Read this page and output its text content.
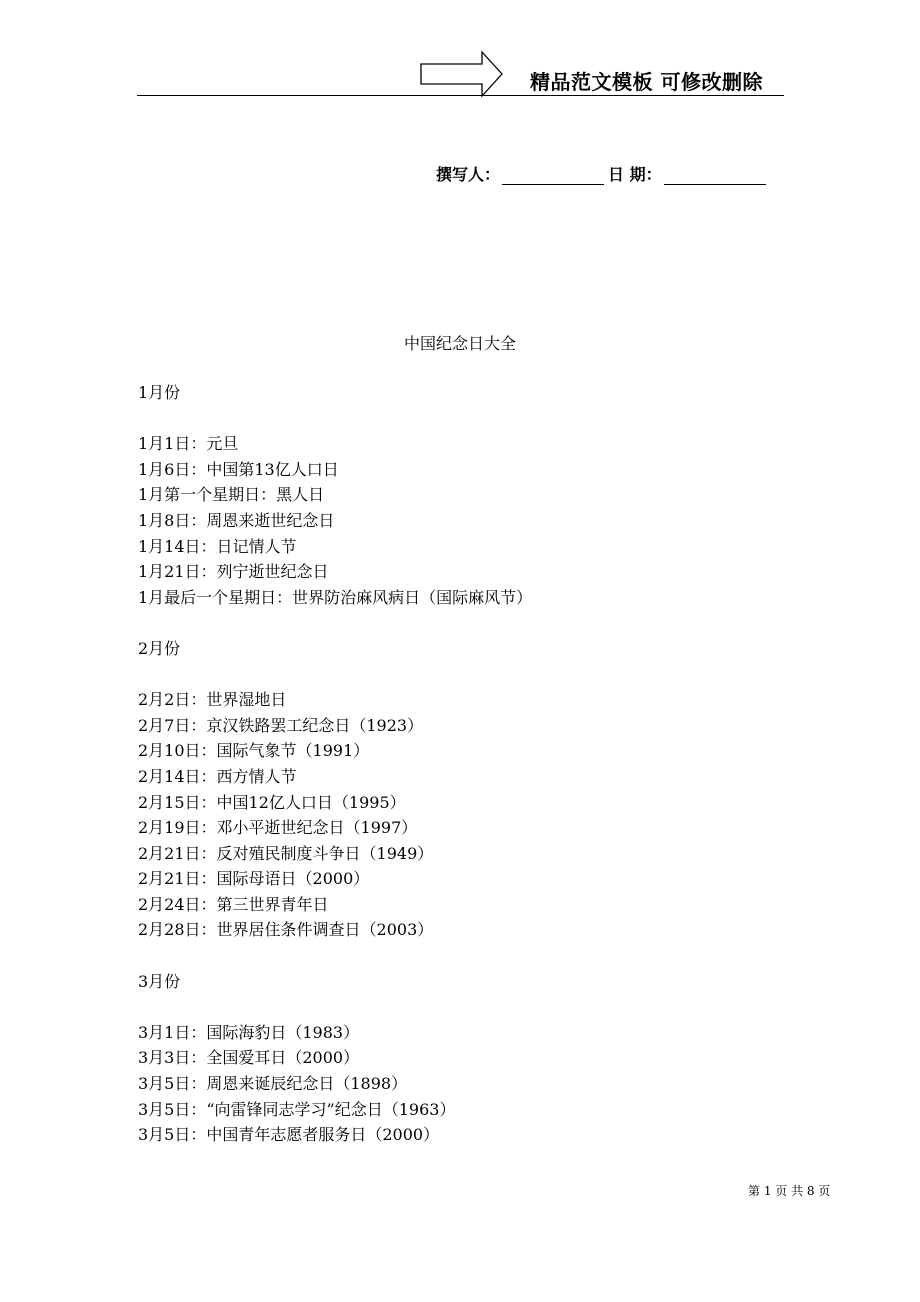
精品范文模板 可修改删除
撰写人：	日 期：
中国纪念日大全
1月份
1月1日：元旦
1月6日：中国第13亿人口日
1月第一个星期日：黑人日
1月8日：周恩来逝世纪念日
1月14日：日记情人节
1月21日：列宁逝世纪念日
1月最后一个星期日：世界防治麻风病日（国际麻风节）
2月份
2月2日：世界湿地日
2月7日：京汉铁路罢工纪念日（1923）
2月10日：国际气象节（1991）
2月14日：西方情人节
2月15日：中国12亿人口日（1995）
2月19日：邓小平逝世纪念日（1997）
2月21日：反对殖民制度斗争日（1949）
2月21日：国际母语日（2000）
2月24日：第三世界青年日
2月28日：世界居住条件调查日（2003）
3月份
3月1日：国际海豹日（1983）
3月3日：全国爱耳日（2000）
3月5日：周恩来诞辰纪念日（1898）
3月5日：“向雷锋同志学习”纪念日（1963）
3月5日：中国青年志愿者服务日（2000）
第 1 页 共 8 页
